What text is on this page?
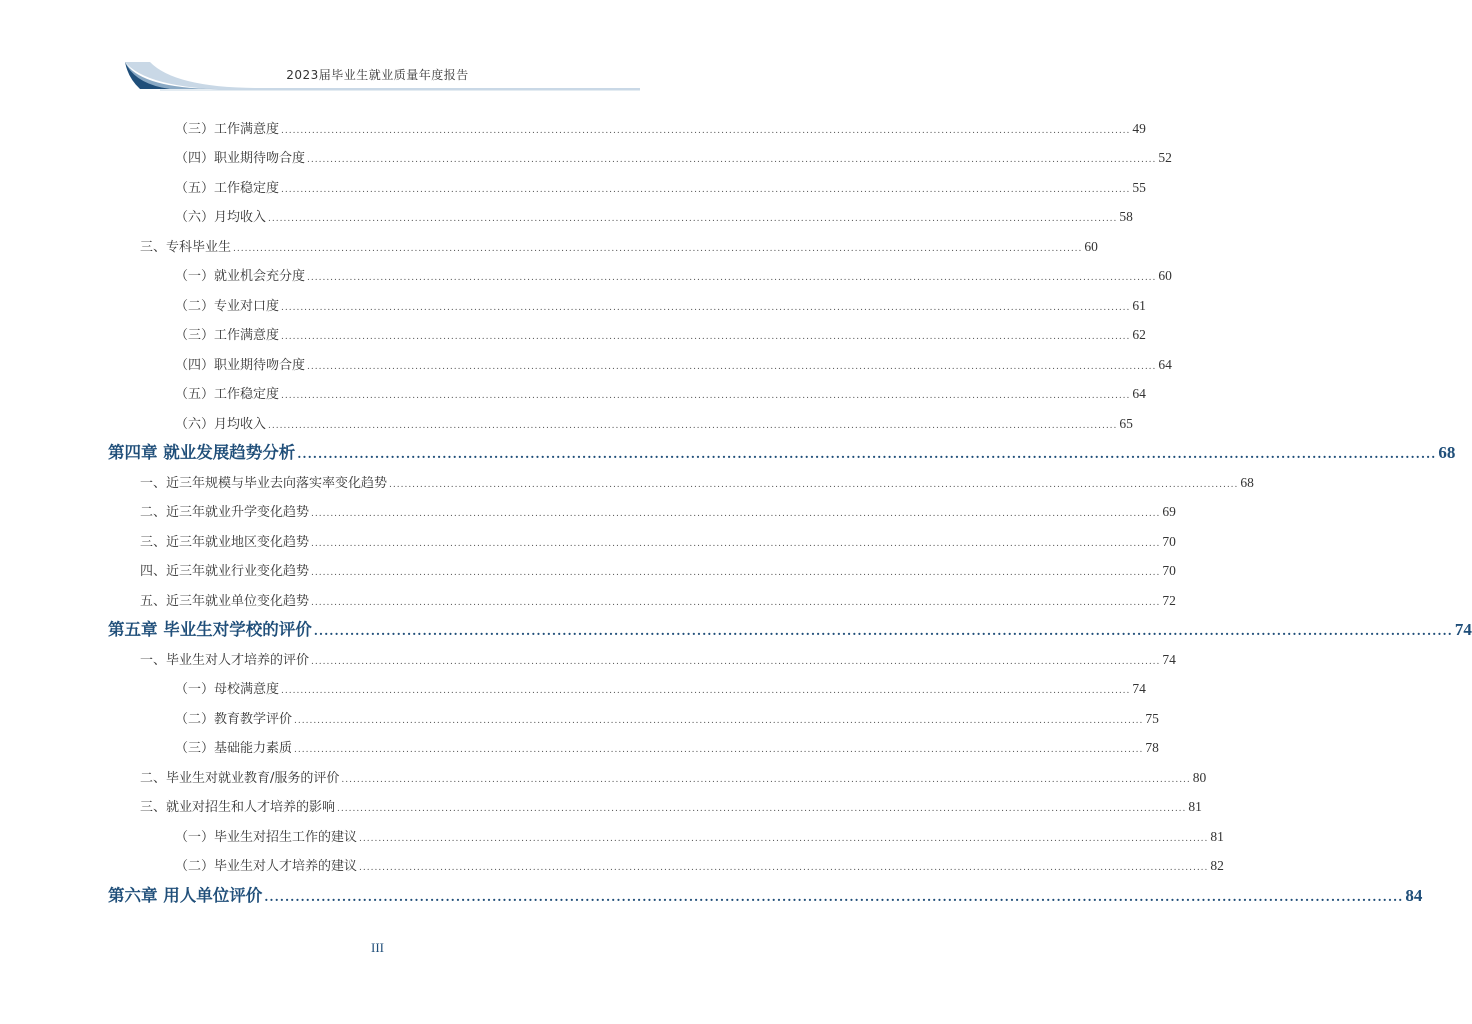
2023届毕业生就业质量年度报告
（三）工作满意度 ............................................................................................................................................................................................................................ 49
（四）职业期待吻合度 ............................................................................................................................................................................................................................ 52
（五）工作稳定度 ............................................................................................................................................................................................................................ 55
（六）月均收入 ............................................................................................................................................................................................................................ 58
三、专科毕业生 ............................................................................................................................................................................................................................ 60
（一）就业机会充分度 ............................................................................................................................................................................................................................ 60
（二）专业对口度 ............................................................................................................................................................................................................................ 61
（三）工作满意度 ............................................................................................................................................................................................................................ 62
（四）职业期待吻合度 ............................................................................................................................................................................................................................ 64
（五）工作稳定度 ............................................................................................................................................................................................................................ 64
（六）月均收入 ............................................................................................................................................................................................................................ 65
第四章 就业发展趋势分析 ............................................................................................................................................................................................................................ 68
一、近三年规模与毕业去向落实率变化趋势 ............................................................................................................................................................................................................................ 68
二、近三年就业升学变化趋势 ............................................................................................................................................................................................................................ 69
三、近三年就业地区变化趋势 ............................................................................................................................................................................................................................ 70
四、近三年就业行业变化趋势 ............................................................................................................................................................................................................................ 70
五、近三年就业单位变化趋势 ............................................................................................................................................................................................................................ 72
第五章 毕业生对学校的评价 ............................................................................................................................................................................................................................ 74
一、毕业生对人才培养的评价 ............................................................................................................................................................................................................................ 74
（一）母校满意度 ............................................................................................................................................................................................................................ 74
（二）教育教学评价 ............................................................................................................................................................................................................................ 75
（三）基础能力素质 ............................................................................................................................................................................................................................ 78
二、毕业生对就业教育/服务的评价 ............................................................................................................................................................................................................................ 80
三、就业对招生和人才培养的影响 ............................................................................................................................................................................................................................ 81
（一）毕业生对招生工作的建议 ............................................................................................................................................................................................................................ 81
（二）毕业生对人才培养的建议 ............................................................................................................................................................................................................................ 82
第六章 用人单位评价 ............................................................................................................................................................................................................................ 84
III
